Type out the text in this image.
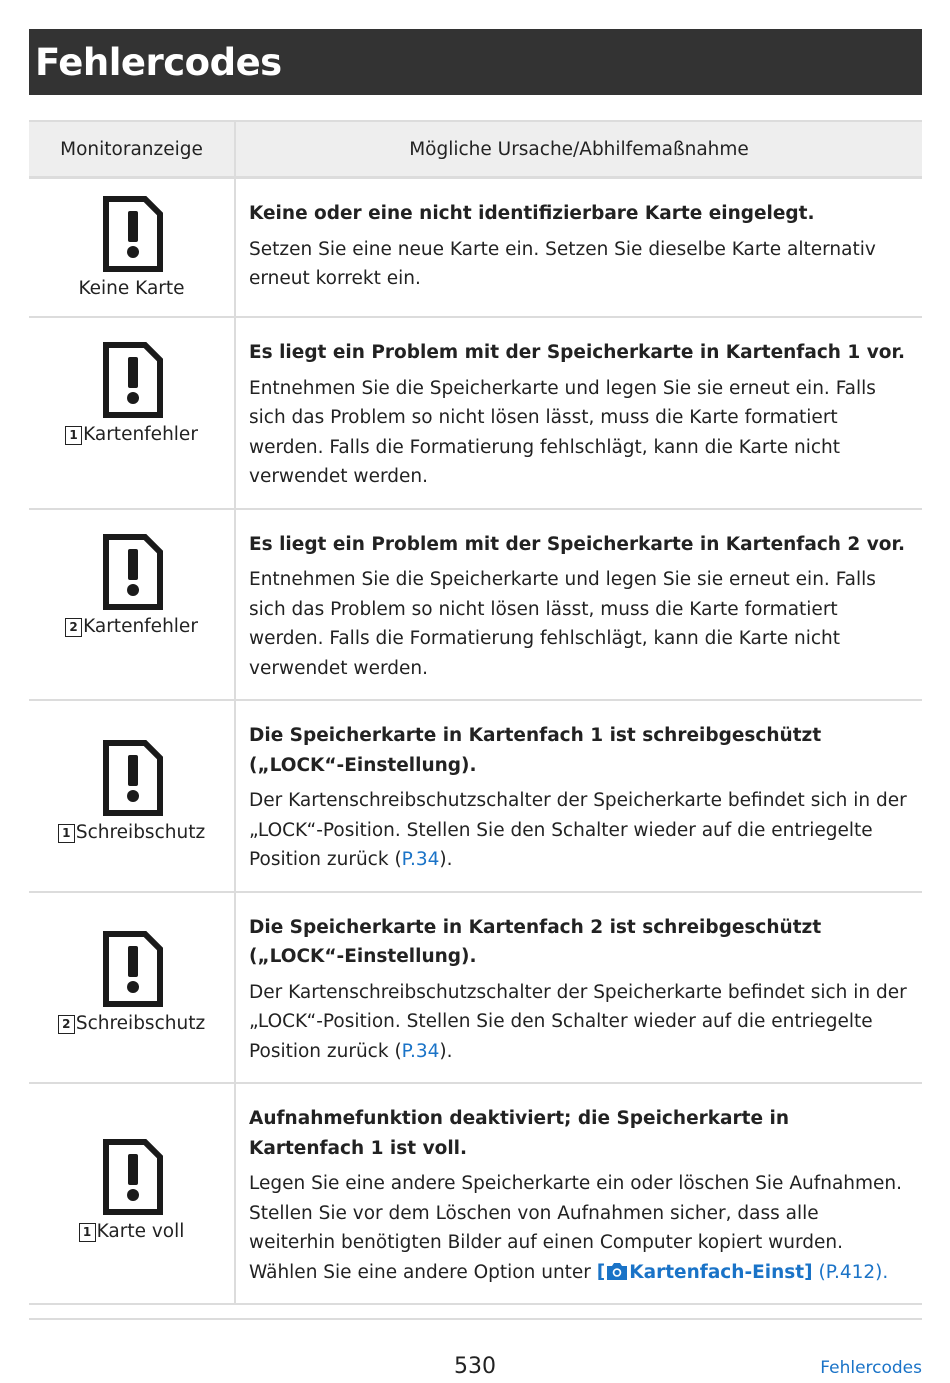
Fehlercodes
Monitoranzeige	Mögliche Ursache/Abhilfemaßnahme

Keine Karte	Keine oder eine nicht identifizierbare Karte eingelegt.

Setzen Sie eine neue Karte ein. Setzen Sie dieselbe Karte alternativ erneut korrekt ein.

1 Kartenfehler	Es liegt ein Problem mit der Speicherkarte in Kartenfach 1 vor.

Entnehmen Sie die Speicherkarte und legen Sie sie erneut ein. Falls sich das Problem so nicht lösen lässt, muss die Karte formatiert werden. Falls die Formatierung fehlschlägt, kann die Karte nicht verwendet werden.

2 Kartenfehler	Es liegt ein Problem mit der Speicherkarte in Kartenfach 2 vor.

Entnehmen Sie die Speicherkarte und legen Sie sie erneut ein. Falls sich das Problem so nicht lösen lässt, muss die Karte formatiert werden. Falls die Formatierung fehlschlägt, kann die Karte nicht verwendet werden.

1 Schreibschutz	Die Speicherkarte in Kartenfach 1 ist schreibgeschützt („LOCK“-Einstellung).

Der Kartenschreibschutzschalter der Speicherkarte befindet sich in der „LOCK“-Position. Stellen Sie den Schalter wieder auf die entriegelte Position zurück (P.34).

2 Schreibschutz	Die Speicherkarte in Kartenfach 2 ist schreibgeschützt („LOCK“-Einstellung).

Der Kartenschreibschutzschalter der Speicherkarte befindet sich in der „LOCK“-Position. Stellen Sie den Schalter wieder auf die entriegelte Position zurück (P.34).

1 Karte voll	Aufnahmefunktion deaktiviert; die Speicherkarte in Kartenfach 1 ist voll.

Legen Sie eine andere Speicherkarte ein oder löschen Sie Aufnahmen. Stellen Sie vor dem Löschen von Aufnahmen sicher, dass alle weiterhin benötigten Bilder auf einen Computer kopiert wurden.

Wählen Sie eine andere Option unter [ Kartenfach-Einst] (P.412).

530	Fehlercodes
